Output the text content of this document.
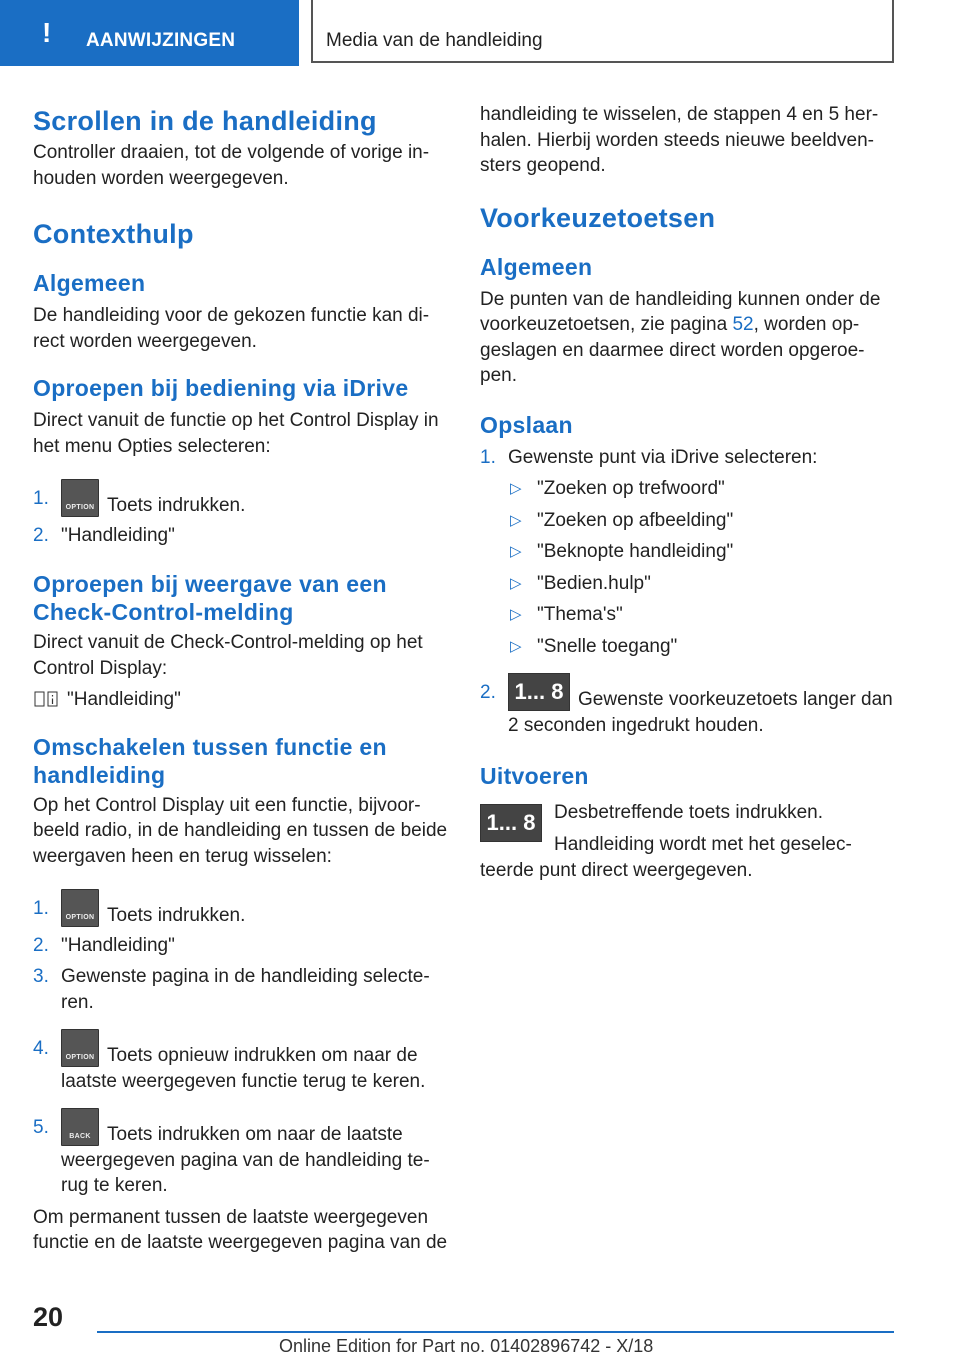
! AANWIJZINGEN	Media van de handleiding
Scrollen in de handleiding

Controller draaien, tot de volgende of vorige inhouden worden weergegeven.

Contexthulp
Algemeen

De handleiding voor de gekozen functie kan direct worden weergegeven.

Oproepen bij bediening via iDrive

Direct vanuit de functie op het Control Display in het menu Opties selecteren:

1.	OPTION Toets indrukken.
2. "Handleiding"
Oproepen bij weergave van een
Check-Control-melding

Direct vanuit de Check-Control-melding op het Control Display:

"Handleiding"

Omschakelen tussen functie en
handleiding

Op het Control Display uit een functie, bijvoorbeeld radio, in de handleiding en tussen de beide weergaven heen en terug wisselen:

1.	OPTION Toets indrukken.
2. "Handleiding"
3. Gewenste pagina in de handleiding selecteren.
4.	OPTION Toets opnieuw indrukken om naar de laatste weergegeven functie terug te keren.
5.	BACK Toets indrukken om naar de laatste weergegeven pagina van de handleiding terug te keren.

Om permanent tussen de laatste weergegeven functie en de laatste weergegeven pagina van de

handleiding te wisselen, de stappen 4 en 5 herhalen. Hierbij worden steeds nieuwe beeldvensters geopend.

Voorkeuzetoetsen
Algemeen

De punten van de handleiding kunnen onder de voorkeuzetoetsen, zie pagina 52, worden opgeslagen en daarmee direct worden opgeroepen.

Opslaan
1. Gewenste punt via iDrive selecteren:
▷ "Zoeken op trefwoord"
▷ "Zoeken op afbeelding"
▷ "Beknopte handleiding"
▷ "Bedien.hulp"
▷ "Thema's"
▷ "Snelle toegang"
2. 1... 8 Gewenste voorkeuzetoets langer dan 2 seconden ingedrukt houden.
Uitvoeren
1... 8 Desbetreffende toets indrukken.

Handleiding wordt met het geselecteerde punt direct weergegeven.

20
Online Edition for Part no. 01402896742 - X/18
